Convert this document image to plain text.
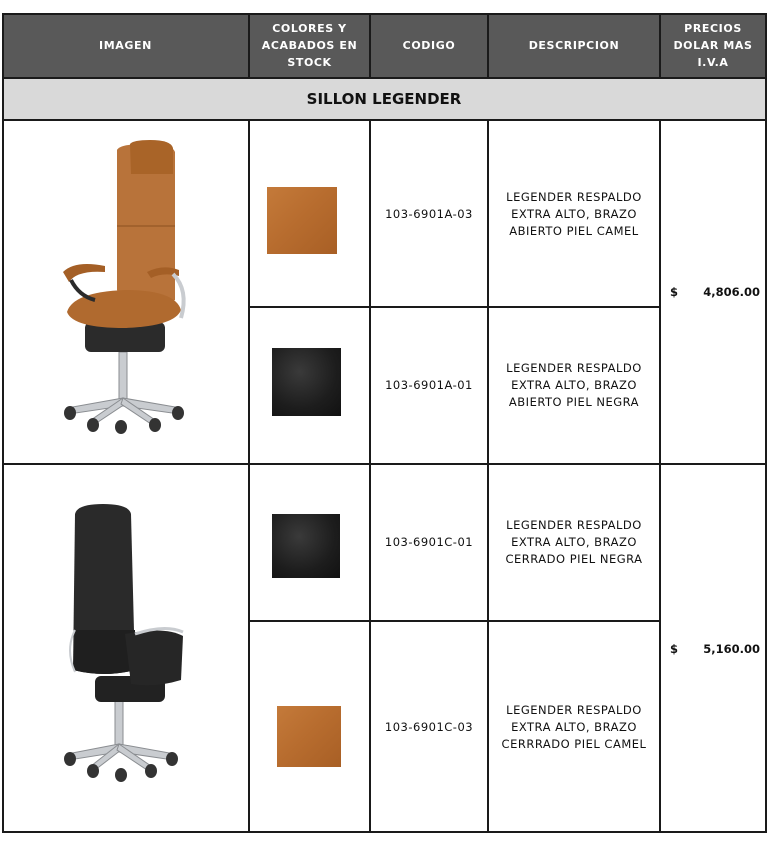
IMAGEN
COLORES Y ACABADOS EN STOCK
CODIGO	DESCRIPCION
PRECIOS DOLAR MAS I.V.A
SILLON LEGENDER
103-6901A-03
103-6901A-01
103-6901C-01
103-6901C-03
LEGENDER RESPALDO EXTRA ALTO, BRAZO ABIERTO PIEL CAMEL
LEGENDER RESPALDO EXTRA ALTO, BRAZO ABIERTO PIEL NEGRA
LEGENDER RESPALDO EXTRA ALTO, BRAZO CERRADO PIEL NEGRA
LEGENDER RESPALDO EXTRA ALTO, BRAZO CERRRADO PIEL CAMEL
$ 4,806.00
$ 5,160.00
